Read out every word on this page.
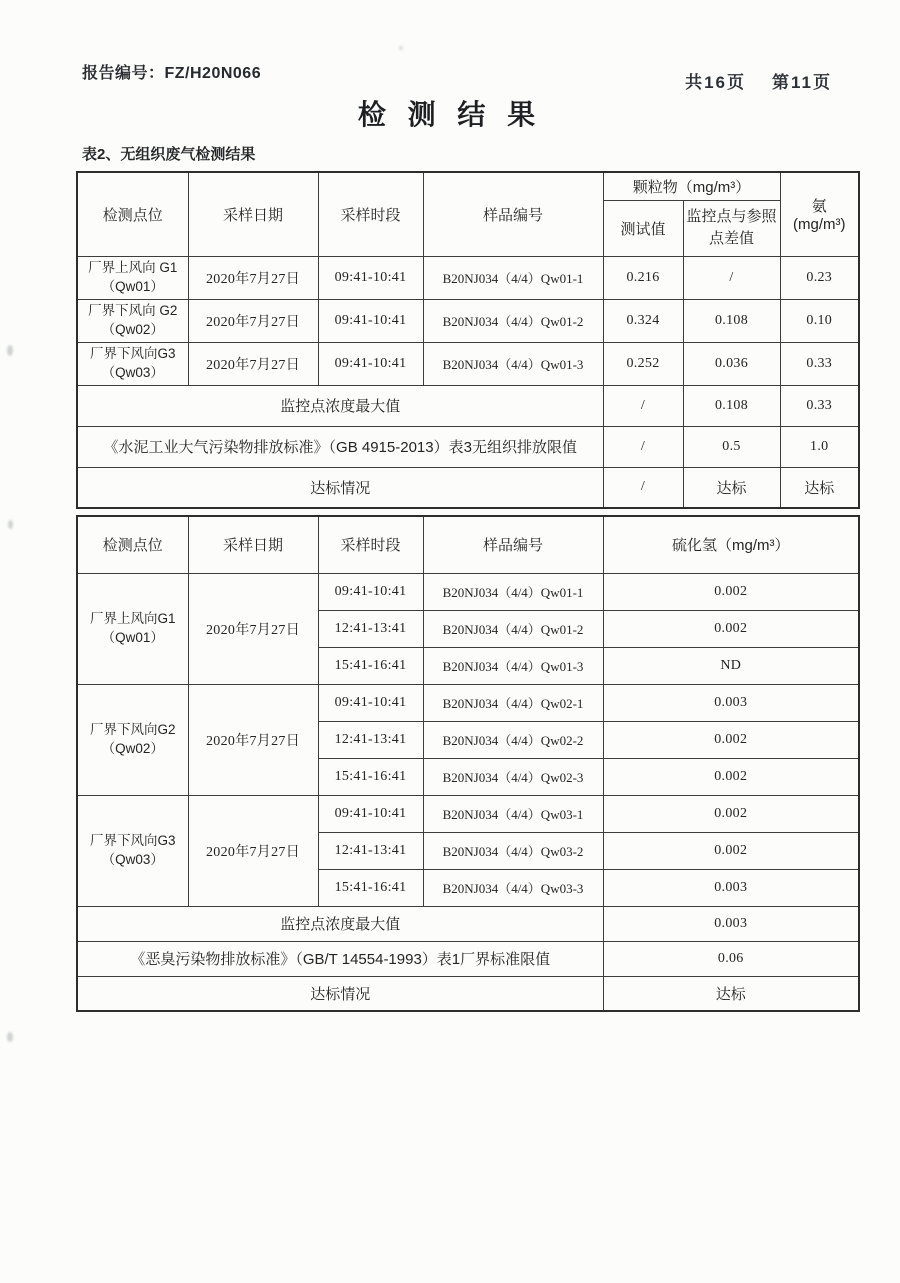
报告编号：FZ/H20N066	共16页 第11页
检 测 结 果
表2、无组织废气检测结果
检测点位	采样日期	采样时段	样品编号	颗粒物（mg/m³）		氨
(mg/m³)

				测试值	监控点与参照点差值	

厂界上风向 G1
（Qw01）	2020年7月27日	09:41-10:41	B20NJ034（4/4）Qw01-1	0.216	/	0.23

厂界下风向 G2
（Qw02）	2020年7月27日	09:41-10:41	B20NJ034（4/4）Qw01-2	0.324	0.108	0.10

厂界下风向G3
（Qw03）	2020年7月27日	09:41-10:41	B20NJ034（4/4）Qw01-3	0.252	0.036	0.33
监控点浓度最大值				/	0.108	0.33
《水泥工业大气污染物排放标准》（GB 4915-2013）表3无组织排放限值				/	0.5	1.0
达标情况				/	达标	达标
检测点位	采样日期	采样时段	样品编号	硫化氢（mg/m³）

厂界上风向G1
（Qw01）	2020年7月27日	09:41-10:41	B20NJ034（4/4）Qw01-1	0.002
		12:41-13:41	B20NJ034（4/4）Qw01-2	0.002
		15:41-16:41	B20NJ034（4/4）Qw01-3	ND

厂界下风向G2
（Qw02）	2020年7月27日	09:41-10:41	B20NJ034（4/4）Qw02-1	0.003
		12:41-13:41	B20NJ034（4/4）Qw02-2	0.002
		15:41-16:41	B20NJ034（4/4）Qw02-3	0.002

厂界下风向G3
（Qw03）	2020年7月27日	09:41-10:41	B20NJ034（4/4）Qw03-1	0.002
		12:41-13:41	B20NJ034（4/4）Qw03-2	0.002
		15:41-16:41	B20NJ034（4/4）Qw03-3	0.003
监控点浓度最大值				0.003
《恶臭污染物排放标准》（GB/T 14554-1993）表1厂界标准限值				0.06
达标情况				达标
